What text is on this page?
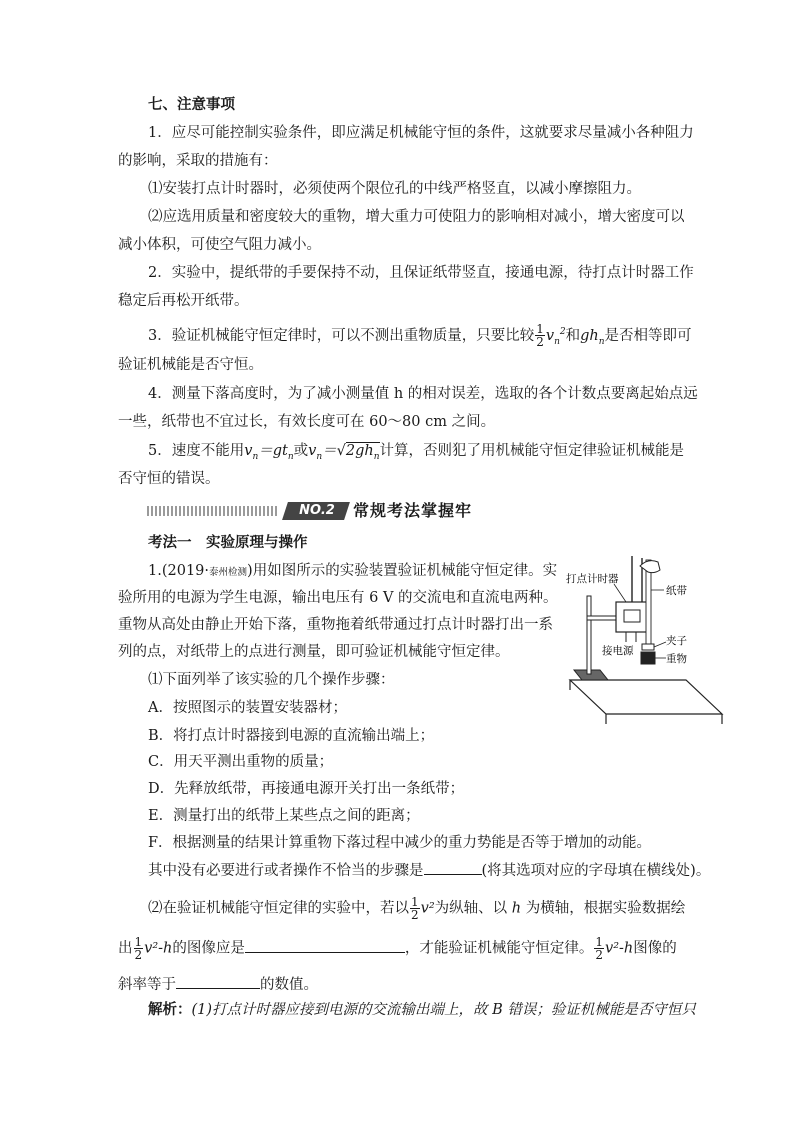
七、注意事项
1．应尽可能控制实验条件，即应满足机械能守恒的条件，这就要求尽量减小各种阻力
的影响，采取的措施有：
⑴安装打点计时器时，必须使两个限位孔的中线严格竖直，以减小摩擦阻力。
⑵应选用质量和密度较大的重物，增大重力可使阻力的影响相对减小，增大密度可以
减小体积，可使空气阻力减小。
2．实验中，提纸带的手要保持不动，且保证纸带竖直，接通电源，待打点计时器工作
稳定后再松开纸带。
3．验证机械能守恒定律时，可以不测出重物质量，只要比较 $\frac{1}{2} v_n^2$和$gh_n$是否相等即可
验证机械能是否守恒。
4．测量下落高度时，为了减小测量值 h 的相对误差，选取的各个计数点要离起始点远
一些，纸带也不宜过长，有效长度可在 60～80 cm 之间。
5．速度不能用$v_n=gt_n$或$v_n=√2gh_n$计算，否则犯了用机械能守恒定律验证机械能是
否守恒的错误。
NO.2	常规考法掌握牢
考法一　实验原理与操作
1.(2019·泰州检测)用如图所示的实验装置验证机械能守恒定律。实
验所用的电源为学生电源，输出电压有 6 V 的交流电和直流电两种。
重物从高处由静止开始下落，重物拖着纸带通过打点计时器打出一系
列的点，对纸带上的点进行测量，即可验证机械能守恒定律。
⑴下面列举了该实验的几个操作步骤：
A．按照图示的装置安装器材；
B．将打点计时器接到电源的直流输出端上；
C．用天平测出重物的质量；
D．先释放纸带，再接通电源开关打出一条纸带；
E．测量打出的纸带上某些点之间的距离；
F．根据测量的结果计算重物下落过程中减少的重力势能是否等于增加的动能。
其中没有必要进行或者操作不恰当的步骤是	(将其选项对应的字母填在横线处)。
⑵在验证机械能守恒定律的实验中，若以 $\frac{1}{2} v^2$为纵轴、以 h 为横轴，根据实验数据绘
出 $\frac{1}{2} v^2-h$的图像应是	，才能验证机械能守恒定律。 $\frac{1}{2} v^2-h$图像的
斜率等于	的数值。
解析：(1)打点计时器应接到电源的交流输出端上，故 B 错误；验证机械能是否守恒只
打点计时器
纸带
接电源
夹子
重物
